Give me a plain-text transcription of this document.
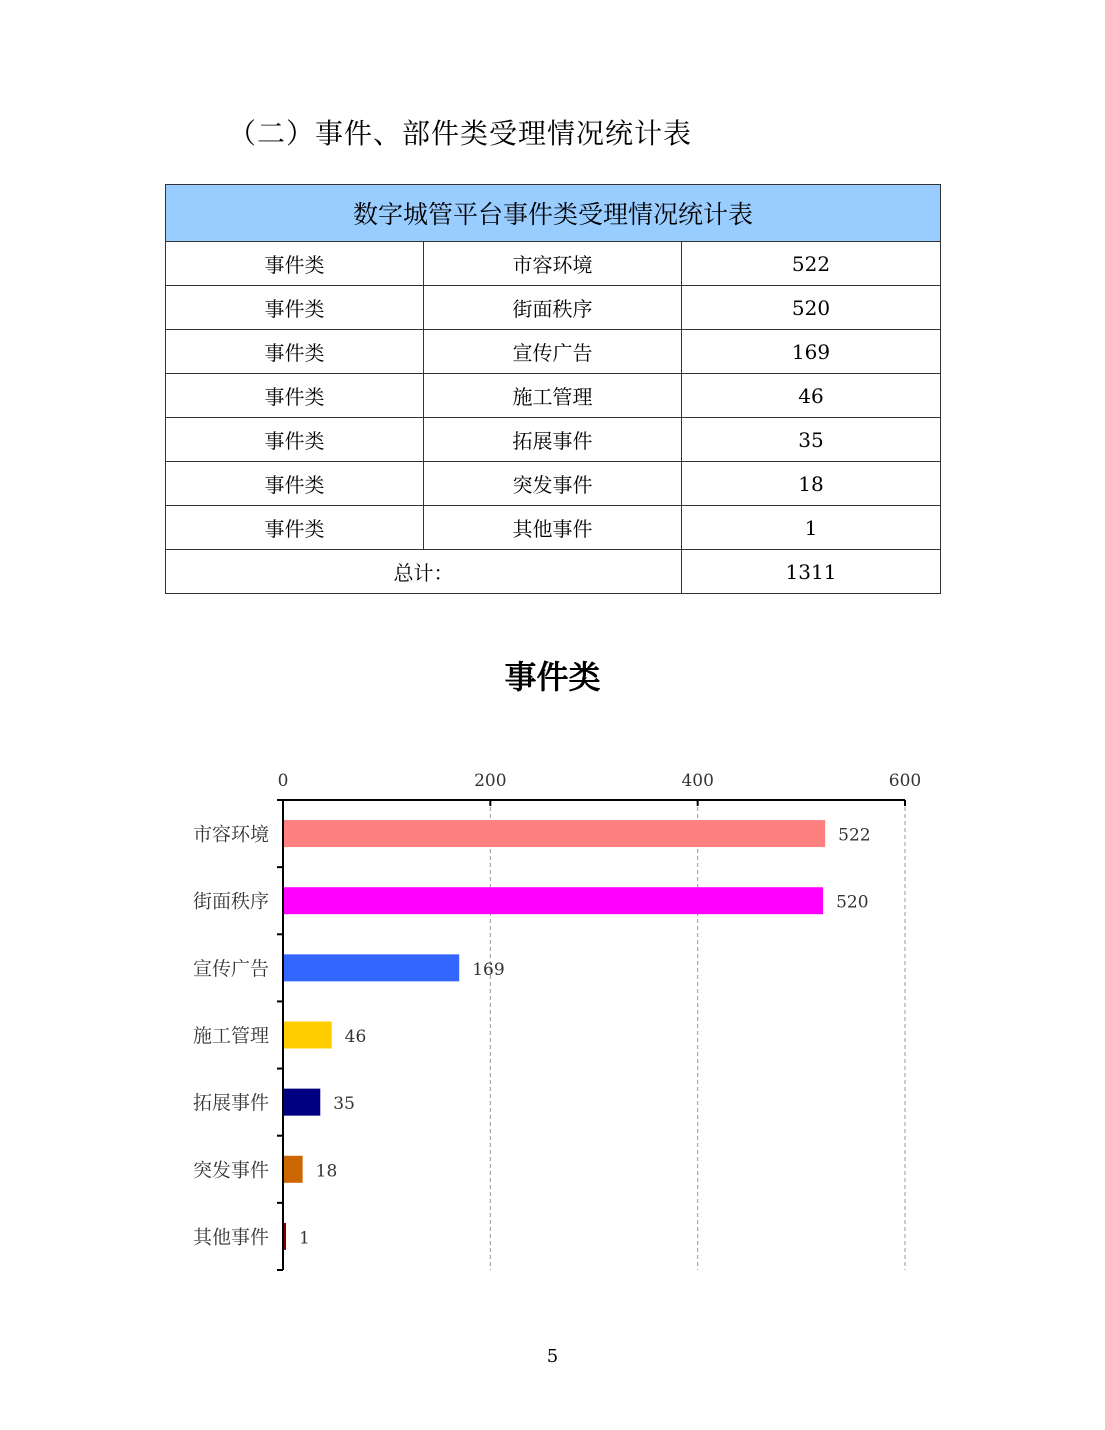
（二）事件、部件类受理情况统计表
数字城管平台事件类受理情况统计表		
事件类	市容环境	522
事件类	街面秩序	520
事件类	宣传广告	169
事件类	施工管理	46
事件类	拓展事件	35
事件类	突发事件	18
事件类	其他事件	1
总计：		1311
事件类
0	200	400	600
市容环境	522
街面秩序	520
宣传广告	169
施工管理	46
拓展事件	35
突发事件	18
其他事件 1
5
